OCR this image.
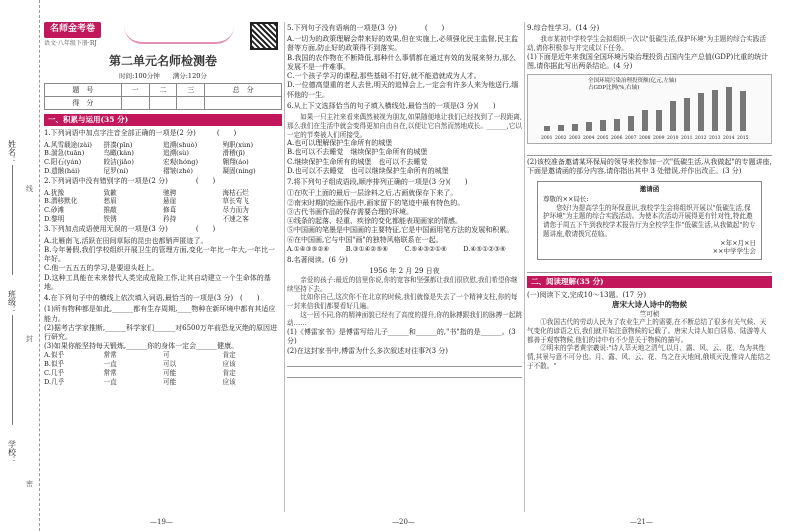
姓名：
线
班级：
封
学校：
密
名师金考卷
语文·八年级下册·RJ
第二单元名师检测卷
时间:100分钟　　满分:120分
题　号	一	二	三	总　分
得　分				
一、积累与运用(35 分)
1.下列词语中加点字注音全部正确的一项是(2 分)　　　(　　)
A.风雪载途(zài)	拼凑(pīn)	追溯(shuò)	殉职(xùn)
B.湍急(tuān)	鸟瞰(kàn)	追溯(sù)	滑稽(jī)
C.阳石(yán)	皎洁(jiǎo)	宏观(hóng)	翱翔(áo)
D.遗骸(hái)	尼罗(ní)	褶皱(zhé)	凝固(níng)
2.下列词语中没有错别字的一项是(2 分)　　　　(　　)
A.犹豫	致歉	驰骋	海枯石烂
B.潜移默化	愁眉	悬崖	草长莺飞
C.砂滩	推敲	修葺	尽力而为
D.黎明	铁锈	矜持	不速之客
3.下列加点成语使用无误的一项是(3 分)　　　　(　　)
A.北雁南飞,活跃在田间草际的昆虫也都销声匿迹了。
B.今年暑假,我们学校组织开展卫生的管理方面,变化一年比一年大,一年比一年好。
C.他一五五五的学习,是要迎头赶上。
D.这种工具能在未来替代人类完成危险工作,让其自动建立一个生命体的基地。
4.在下列句子中的横线上依次填入词语,最恰当的一项是(3 分)　(　　)
(1)所有物种都是如此,______都有生存周期,____物种在新环境中都有其适应能力。
(2)据考古学家推断,______科学家们______对6500万年前恐龙灭绝的原因进行研究。
(3)如果你能坚持每天锻炼,______你的身体一定会______健康。
A.似乎	常常	可	肯定
B.似乎	一直	可以	应该
C.几乎	常常	可能	肯定
D.几乎	一直	可能	应该
—19—
5.下列句子没有语病的一项是(3 分)　　　　(　　)
A.一切为的政策理解会带来好的效果,但在实施上,必须强化民主监督,民主监督等方面,防止好的政策得不到落实。
B.我国的农作物在不断降低,那种什么事情都在通过有效的发展来努力,那么发展不是一件难事。
C.一个孩子学习的课程,那些基础不打好,就不能造就成为人才。
D.一位德高望重的老人去世,明天的追悼会上,一定会有许多人来为他送行,缅怀他的一生。
6.从上下文选择恰当的句子填入横线处,最恰当的一项是(3 分)(　　)
如果一只主社来看来偶然被视为朋友,如果随便地让我们已经找到了一段距离,那么我们在生活中就会变得更加自由自在,以便让它自然而然地成长。______,它以一定的节奏被人们所接受。
A.也可以理解保护生命所有的城堡
B.也可以不去睡觉　继续保护生命所有的城堡
C.继续保护生命所有的城堡　也可以不去睡觉
D.也可以不去睡觉　也可以继续保护生命所有的城堡
7.将下列句子组成语段,顺序排列正确的一项是(3 分)(　　)
①在吹干上面的最后一层涂料之后,古画就保存下来了。
②南宋时期的绘画作品中,画家留下的笔迹中最有特色的。
③古代书画作品的保存需要合理的环境。
④线条的起落、轻重、疾徐的变化都能表现画家的情感。
⑤中国画的笔墨是中国画的主要特征,它是中国画用笔方法的发展和积累。
⑥在中国画,它与中国"画"的独特风格联系在一起。
A.①④③⑤②⑥	B.③①④②⑤⑥	C.⑤④③②①⑥	D.④⑤①②③⑥
8.名著阅读。(6 分)
1956 年 2 月 29 日夜
亲爱的孩子:最近的信里你说,你的宽容和坚强都让我们很欣慰,我们希望你继续坚持下去。
比如你自己,这次你不在北京的时候,我们就像是失去了一个精神支柱,你的每一封来信我们都要看好几遍。
这一回不同,你的精神面貌已经有了高度的提升,你的脉搏跟我们的脉搏一起跳动……
(1)《傅雷家书》是傅雷写给儿子______和______的,"书"指的是______。(3 分)
(2)在这封家书中,傅雷为什么多次叙述对往事?(3 分)
—20—
9.综合性学习。(14 分)
我市某初中学校学生会拟组织一次以"低碳生活,保护环境"为主题的综合实践活动,请你积极参与并完成以下任务。
(1)下面是近年来我国全国环境污染治理投资占国内生产总值(GDP)比重的统计图,请你据此写出两条结论。(4 分)
全国环境污染治理投资额(亿元,左轴)
占GDP比例(%,右轴)
2001 2002 2003 2004 2005 2006 2007 2008 2009 2010 2011 2012 2013 2014 2015
(2)该校准备邀请某环保局的领导来校参加一次"低碳生活,从我做起"的专题讲座,下面是邀请函的部分内容,请你指出其中 3 处错误,并作出改正。(3 分)
邀请函
尊敬的××局长:
您好!为提高学生的环保意识,我校学生会将组织开展以"低碳生活,保护环境"为主题的综合实践活动。为使本次活动开展得更有针对性,特此邀请您于周五下午到我校学术报告厅为全校学生作"低碳生活,从我做起"的专题讲座,敬请拨冗莅临。
×年×月×日
××中学学生会
二、阅读理解(35 分)
(一)阅读下文,完成10～13题。(17 分)
唐宋大诗人诗中的物候
竺可桢
①我国古代的劳动人民为了农业生产上的需要,在不断总结了很多有关气候、天气变化的谚语之后,我们就开始注意物候的记载了。唐宋大诗人如白居易、陆游等人都善于观察物候,他们的诗中有不少是关于物候的描写。
②明末的学者黄宗羲说:"诗人萃天地之清气,以月、露、风、云、花、鸟为其性情,其景与意不可分也。月、露、风、云、花、鸟之在天地间,俄顷灭没,惟诗人能结之于不散。"
—21—
